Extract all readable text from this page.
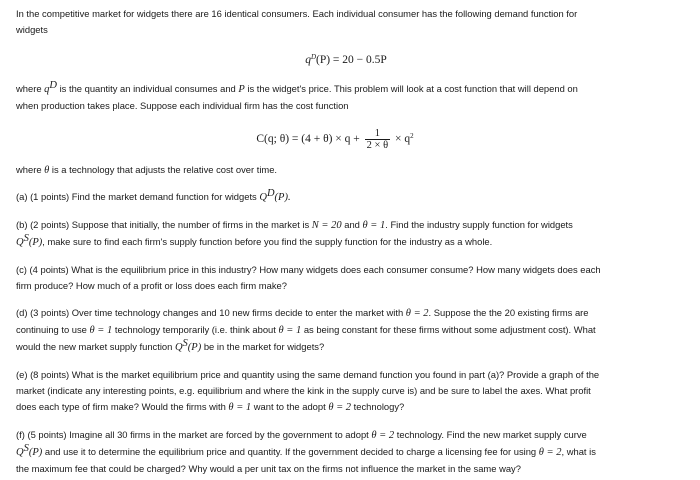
In the competitive market for widgets there are 16 identical consumers. Each individual consumer has the following demand function for
widgets

$q^D(P) = 20 - 0.5P$

where $q^D$ is the quantity an individual consumes and P is the widget's price. This problem will look at a cost function that will depend on
when production takes place. Suppose each individual firm has the cost function

C(q; $\theta) = (4 + \theta) \times q + \frac{1}{2 \times \theta} \times q^2$

where θ is a technology that adjusts the relative cost over time.

(a) (1 points) Find the market demand function for widgets $Q^D(P)$.

(b) (2 points) Suppose that initially, the number of firms in the market is N = 20 and θ = 1. Find the industry supply function for widgets
$Q^S(P)$, make sure to find each firm's supply function before you find the supply function for the industry as a whole.

(c) (4 points) What is the equilibrium price in this industry? How many widgets does each consumer consume? How many widgets does each
firm produce? How much of a profit or loss does each firm make?

(d) (3 points) Over time technology changes and 10 new firms decide to enter the market with θ = 2. Suppose the the 20 existing firms are
continuing to use θ = 1 technology temporarily (i.e. think about θ = 1 as being constant for these firms without some adjustment cost). What
would the new market supply function $Q^S(P)$ be in the market for widgets?

(e) (8 points) What is the market equilibrium price and quantity using the same demand function you found in part (a)? Provide a graph of the
market (indicate any interesting points, e.g. equilibrium and where the kink in the supply curve is) and be sure to label the axes. What profit
does each type of firm make? Would the firms with θ = 1 want to the adopt θ = 2 technology?

(f) (5 points) Imagine all 30 firms in the market are forced by the government to adopt θ = 2 technology. Find the new market supply curve
$Q^S(P)$ and use it to determine the equilibrium price and quantity. If the government decided to charge a licensing fee for using θ = 2, what is
the maximum fee that could be charged? Why would a per unit tax on the firms not influence the market in the same way?
